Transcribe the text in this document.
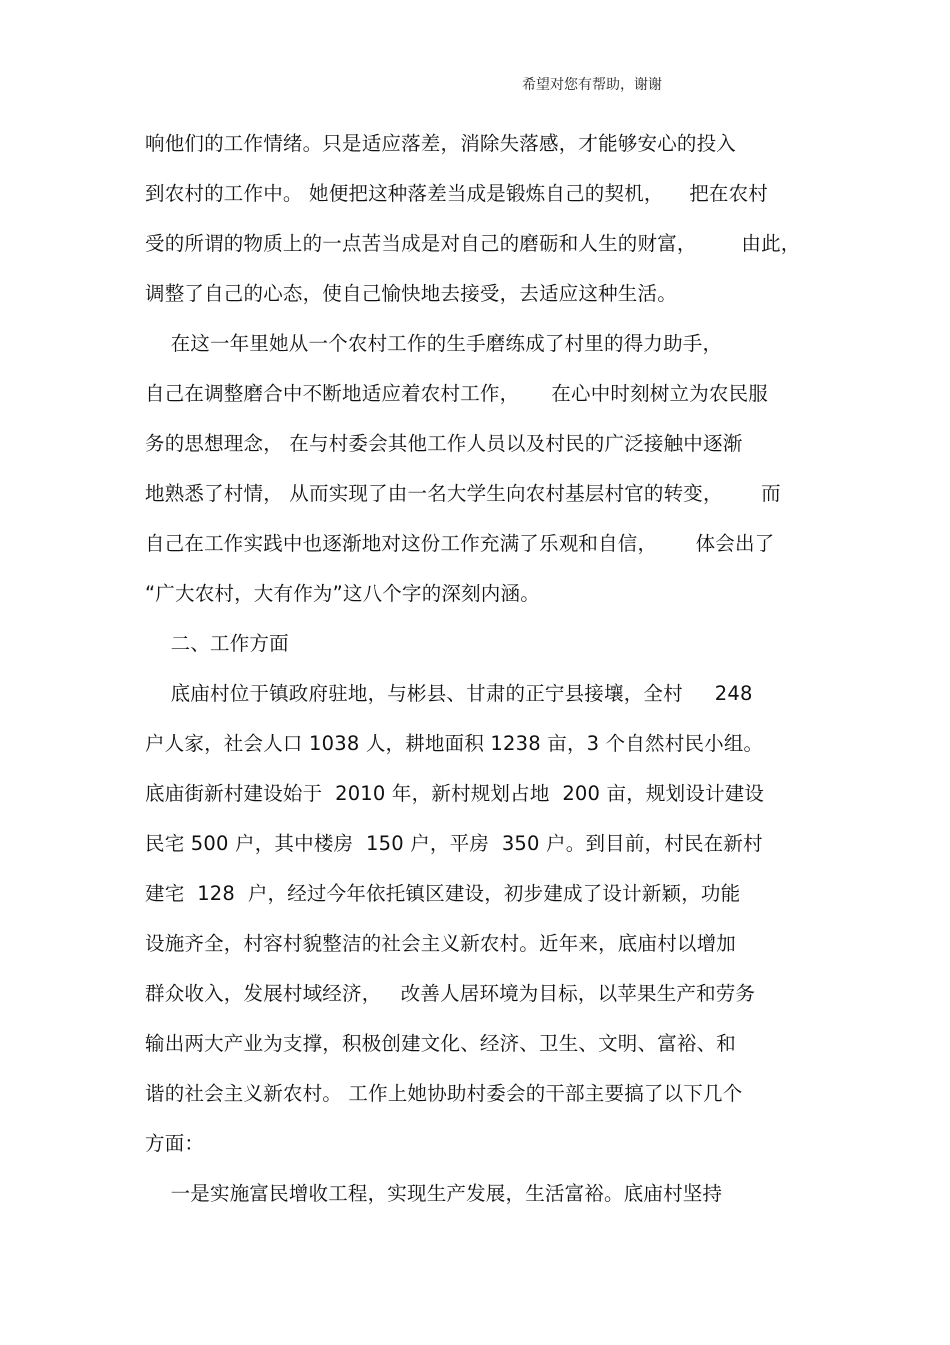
希望对您有帮助，谢谢
响他们的工作情绪。只是适应落差，消除失落感，才能够安心的投入
到农村的工作中。 她便把这种落差当成是锻炼自己的契机，    把在农村
受的所谓的物质上的一点苦当成是对自己的磨砺和人生的财富，       由此，
调整了自己的心态，使自己愉快地去接受，去适应这种生活。
在这一年里她从一个农村工作的生手磨练成了村里的得力助手，
自己在调整磨合中不断地适应着农村工作，     在心中时刻树立为农民服
务的思想理念， 在与村委会其他工作人员以及村民的广泛接触中逐渐
地熟悉了村情， 从而实现了由一名大学生向农村基层村官的转变，      而
自己在工作实践中也逐渐地对这份工作充满了乐观和自信，      体会出了
“广大农村，大有作为”这八个字的深刻内涵。
二、工作方面
底庙村位于镇政府驻地，与彬县、甘肃的正宁县接壤，全村     248
户人家，社会人口 1038 人，耕地面积 1238 亩，3 个自然村民小组。
底庙街新村建设始于  2010 年，新村规划占地  200 亩，规划设计建设
民宅 500 户，其中楼房  150 户，平房  350 户。到目前，村民在新村
建宅  128  户，经过今年依托镇区建设，初步建成了设计新颖，功能
设施齐全，村容村貌整洁的社会主义新农村。近年来，底庙村以增加
群众收入，发展村域经济，   改善人居环境为目标，以苹果生产和劳务
输出两大产业为支撑，积极创建文化、经济、卫生、文明、富裕、和
谐的社会主义新农村。 工作上她协助村委会的干部主要搞了以下几个
方面：
一是实施富民增收工程，实现生产发展，生活富裕。底庙村坚持
